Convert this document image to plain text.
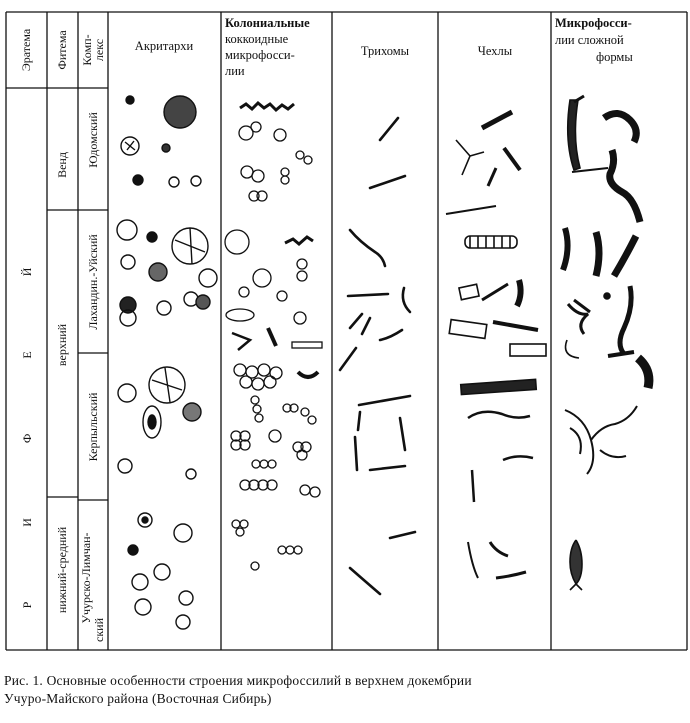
Эратема Фитема Комп-
лекс
Р И Ф Е Й
Венд
верхний
нижний-средний
Юдомский
Лахандин.-Уйский
Керпыльский
Учурско-Лимчан-
ский
Акритархи
Колониальные
коккоидные
микрофосси-
лии
Трихомы	Чехлы
Микрофосси-
лии сложной
формы
Рис. 1. Основные особенности строения микрофоссилий в верхнем докембрии
Учуро-Майского района (Восточная Сибирь)
